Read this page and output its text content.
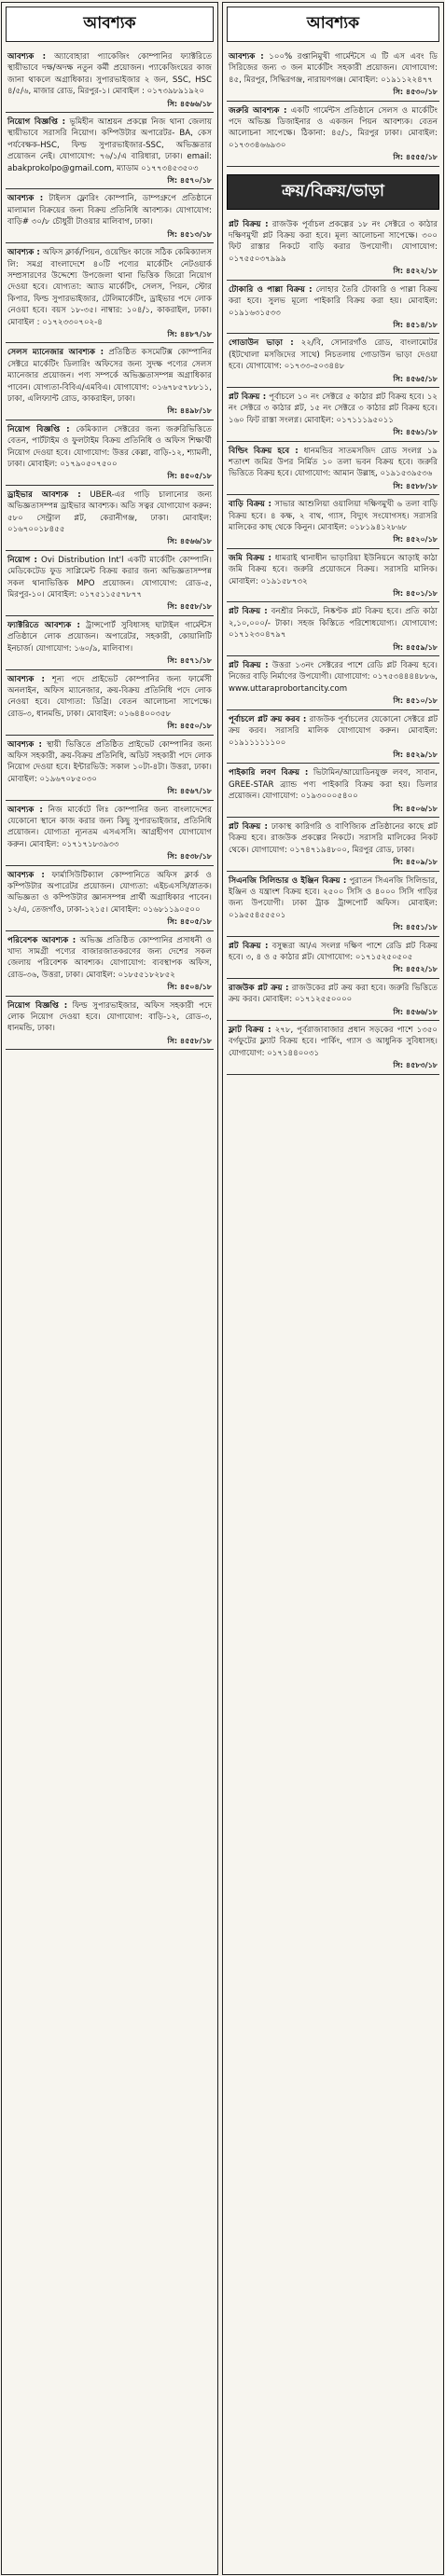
আবশ্যক
আবশ্যক : অ্যাবোহারা প্যাকেজিং কোম্পানির ফ্যাক্টরিতে স্থায়ীভাবে দক্ষ/অদক্ষ নতুন কর্মী প্রয়োজন। প্যাকেজিংয়ের কাজ জানা থাকলে অগ্রাধিকার। সুপারভাইজার ২ জন, SSC, HSC ৪/৫/৬, মাজার রোড, মিরপুর-১। মোবাইল : ০১৭৩৯৮৯১৯২০
সি: ৪৫৬৬/১৮
নিয়োগ বিজ্ঞপ্তি : ভূমিহীন আশ্রয়ন প্রকল্পে নিজ থানা জেলায় স্থায়ীভাবে সরাসরি নিয়োগ। কম্পিউটার অপারেটর- BA, কেস পর্যবেক্ষক-HSC, ফিল্ড সুপারভাইজার-SSC, অভিজ্ঞতার প্রয়োজন নেই। যোগাযোগ: ৭৬/১/এ বারিধারা, ঢাকা। email: abakprokolpo@gmail.com, ম্যাডাম ০১৭৭৩৪৫৩৫০৩
সি: ৪৫৭০/১৮
আবশ্যক : টাইলস ফ্লোরিং কোম্পানি, ডাম্পগ্রুপে প্রতিষ্ঠানে মালামাল বিক্রয়ের জন্য বিক্রয় প্রতিনিধি আবশ্যক। যোগাযোগ: বাড়ি# ৩০/৮ চৌধুরী টাওয়ার মালিবাগ, ঢাকা।
সি: ৪৫১৩/১৮
আবশ্যক : অফিস ক্লার্ক/পিয়ন, ওয়েল্ডিং কাজে সঠিক কেমিক্যালস লি: সমগ্র বাংলাদেশে ৪০টি পণ্যের মার্কেটিং নেটওয়ার্ক সম্প্রসারণের উদ্দেশ্যে উপজেলা থানা ভিত্তিক জিরো নিয়োগ দেওয়া হবে। যোগ্যতা: অ্যাড মার্কেটিং, সেলস, পিয়ন, স্টোর কিপার, ফিল্ড সুপারভাইজার, টেলিমার্কেটিং, ড্রাইভার পদে লোক নেওয়া হবে। বয়স ১৮-৩৫। নাম্বার: ১০৪/১, কাকরাইল, ঢাকা। মোবাইল : ০১৭২৩৩০৭০২-৪
সি: ৪৪৮৭/১৮
সেলস ম্যানেজার আবশ্যক : প্রতিষ্ঠিত কসমেটিক্স কোম্পানির সেক্টরে মার্কেটিং ডিলারিং অফিসের জন্য সুদক্ষ পণ্যের সেলস ম্যানেজার প্রয়োজন। পণ্য সম্পর্কে অভিজ্ঞতাসম্পন্ন অগ্রাধিকার পাবেন। যোগ্যতা-বিবিএ/এমবিএ। যোগাযোগ: ০১৬৭৮৫৭৮৮১১, ঢাকা, এলিফ্যান্ট রোড, কাকরাইল, ঢাকা।
সি: ৪৪৯৮/১৮
নিয়োগ বিজ্ঞপ্তি : কেমিক্যাল সেক্টরের জন্য জরুরিভিত্তিতে বেতন, পার্টটাইম ও ফুলটাইম বিক্রয় প্রতিনিধি ও অফিস শিক্ষার্থী নিয়োগ দেওয়া হবে। যোগাযোগ: উত্তর কেল্লা, বাড়ি-১২, শ্যামলী, ঢাকা। মোবাইল: ০১৭৯০৫০৭৫০০
সি: ৪৫০৫/১৮
ড্রাইভার আবশ্যক : UBER-এর গাড়ি চালানোর জন্য অভিজ্ঞতাসম্পন্ন ড্রাইভার আবশ্যক। অতি সত্বর যোগাযোগ করুন: ৫৮০ সেন্ট্রাল প্লট, কেরানীগঞ্জ, ঢাকা। মোবাইল: ০১৬৭০০১৮৪৫৫
সি: ৪৫৬৬/১৮
নিয়োগ : Ovi Distribution Int'l একটি মার্কেটিং কোম্পানি। মেডিকেটেড ফুড সাপ্লিমেন্ট বিক্রয় করার জন্য অভিজ্ঞতাসম্পন্ন সকল থানাভিত্তিক MPO প্রয়োজন। যোগাযোগ: রোড-৫, মিরপুর-১০। মোবাইল: ০১৭৫১১৫৫৭৮৭৭
সি: ৪৫৫৮/১৮
ফ্যাক্টরিতে আবশ্যক : ট্রান্সপোর্ট সুবিধাসহ ঘাটাইল গার্মেন্টস প্রতিষ্ঠানে লোক প্রয়োজন। অপারেটর, সহকারী, কোয়ালিটি ইনচার্জ। যোগাযোগ: ১৬০/৯, মালিবাগ।
সি: ৪৫৭১/১৮
আবশ্যক : শূন্য পদে প্রাইভেট কোম্পানির জন্য ফার্মেসী অনলাইন, অফিস ম্যানেজার, ক্রয়-বিক্রয় প্রতিনিধি পদে লোক নেওয়া হবে। যোগ্যতা: ডিগ্রি। বেতন আলোচনা সাপেক্ষে। রোড-৩, ধানমন্ডি, ঢাকা। মোবাইল: ০১৬৪৪০০৩৫৮
সি: ৪৫৫০/১৮
আবশ্যক : স্থায়ী ভিত্তিতে প্রতিষ্ঠিত প্রাইভেট কোম্পানির জন্য অফিস সহকারী, ক্রয়-বিক্রয় প্রতিনিধি, অডিট সহকারী পদে লোক নিয়োগ দেওয়া হবে। ইন্টারভিউ: সকাল ১০টা-৪টা। উত্তরা, ঢাকা। মোবাইল: ০১৯৬৭০৮৫০৩০
সি: ৪৫৬৭/১৮
আবশ্যক : নিজ মার্কেটে লিঃ কোম্পানির জন্য বাংলাদেশের যেকোনো স্থানে কাজ করার জন্য কিছু সুপারভাইজার, প্রতিনিধি প্রয়োজন। যোগ্যতা ন্যূনতম এসএসসি। আগ্রহীগণ যোগাযোগ করুন। মোবাইল: ০১৭১৭১৮৩৯৩৩
সি: ৪৫৩৮/১৮
আবশ্যক : ফার্মাসিউটিক্যাল কোম্পানিতে অফিস ক্লার্ক ও কম্পিউটার অপারেটর প্রয়োজন। যোগ্যতা: এইচএসসি/স্নাতক। অভিজ্ঞতা ও কম্পিউটার জ্ঞানসম্পন্ন প্রার্থী অগ্রাধিকার পাবেন। ১২/এ, তেজগাঁও, ঢাকা-১২১৫। মোবাইল: ০১৬৮১১৯০৫০০
সি: ৪৫০৫/১৮
পরিবেশক আবশ্যক : অভিজ্ঞ প্রতিষ্ঠিত কোম্পানির প্রসাধনী ও খাদ্য সামগ্রী পণ্যের বাজারজাতকরণের জন্য দেশের সকল জেলায় পরিবেশক আবশ্যক। যোগাযোগ: ব্যবস্থাপক অফিস, রোড-৩৬, উত্তরা, ঢাকা। মোবাইল: ০১৮৫৫১৮২৮৫২
সি: ৪৫০৪/১৮
নিয়োগ বিজ্ঞপ্তি : ফিল্ড সুপারভাইজার, অফিস সহকারী পদে লোক নিয়োগ দেওয়া হবে। যোগাযোগ: বাড়ি-১২, রোড-৩, ধানমন্ডি, ঢাকা।
সি: ৪৫৫৮/১৮
আবশ্যক
আবশ্যক : ১০০% রপ্তানিমুখী গার্মেন্টসে এ টি এস এবং ডি সিরিজের জন্য ৩ জন মার্কেটিং সহকারী প্রয়োজন। যোগাযোগ: ৪৫, মিরপুর, সিদ্ধিরগঞ্জ, নারায়ণগঞ্জ। মোবাইল: ০১৯১১২২৪৭৭
সি: ৪৫৩০/১৮
জরুরি আবশ্যক : একটি গার্মেন্টস প্রতিষ্ঠানে সেলস ও মার্কেটিং পদে অভিজ্ঞ ডিজাইনার ও একজন পিয়ন আবশ্যক। বেতন আলোচনা সাপেক্ষে। ঠিকানা: ৪৫/১, মিরপুর ঢাকা। মোবাইল: ০১৭৩৩৪৬৬৯৩০
সি: ৪৫৫৫/১৮
ক্রয়/বিক্রয়/ভাড়া
প্লট বিক্রয় : রাজউক পূর্বাচল প্রকল্পের ১৮ নং সেক্টরে ৩ কাঠার দক্ষিণমুখী প্লট বিক্রয় করা হবে। মূল্য আলোচনা সাপেক্ষে। ৩০০ ফিট রাস্তার নিকটে বাড়ি করার উপযোগী। যোগাযোগ: ০১৭৫৫০৩৭৯৯৯
সি: ৪৫২২/১৮
টোকারি ও পাল্লা বিক্রয় : লোহার তৈরি টোকারি ও পাল্লা বিক্রয় করা হবে। সুলভ মূল্যে পাইকারি বিক্রয় করা হয়। মোবাইল: ০১৯১৬৩১৫৩৩
সি: ৪৫১৪/১৮
গোডাউন ভাড়া : ২২/বি, সোনারগাঁও রোড, বাংলামোটর (ইটখোলা মসজিদের সাথে) নিচতলায় গোডাউন ভাড়া দেওয়া হবে। যোগাযোগ: ০১৭৩৩-৫০৩৪৪৮
সি: ৪৫৬৫/১৮
প্লট বিক্রয় : পূর্বাচলে ১০ নং সেক্টরে ৫ কাঠার প্লট বিক্রয় হবে। ১২ নং সেক্টরে ৩ কাঠার প্লট, ১৫ নং সেক্টরে ৩ কাঠার প্লট বিক্রয় হবে। ১৬০ ফিট রাস্তা সংলগ্ন। মোবাইল: ০১৭১১১৯৫০১১
সি: ৪৫৬১/১৮
বিল্ডিং বিক্রয় হবে : ধানমন্ডির সাতমসজিদ রোড সংলগ্ন ১৯ শতাংশ জমির উপর নির্মিত ১০ তলা ভবন বিক্রয় হবে। জরুরি ভিত্তিতে বিক্রয় হবে। যোগাযোগ: আমান উল্লাহ, ০১৯১৫৩৯৫৩৬
সি: ৪৫৮৮/১৮
বাড়ি বিক্রয় : সাভার আশুলিয়া ওয়ালিয়া দক্ষিণমুখী ৬ তলা বাড়ি বিক্রয় হবে। ৪ কক্ষ, ২ বাথ, গ্যাস, বিদ্যুৎ সংযোগসহ। সরাসরি মালিকের কাছ থেকে কিনুন। মোবাইল: ০১৮১৯৪১২৮৬৮
সি: ৪৫২০/১৮
জমি বিক্রয় : ধামরাই থানাধীন ভাড়ারিয়া ইউনিয়নে আড়াই কাঠা জমি বিক্রয় হবে। জরুরি প্রয়োজনে বিক্রয়। সরাসরি মালিক। মোবাইল: ০১৯১৫৮৭৩২
সি: ৪৫০১/১৮
প্লট বিক্রয় : বনশ্রীর নিকটে, নিষ্কণ্টক প্লট বিক্রয় হবে। প্রতি কাঠা ২,১০,০০০/- টাকা। সহজ কিস্তিতে পরিশোধযোগ্য। যোগাযোগ: ০১৭১২৩০৪৭৯৭
সি: ৪৫৫৯/১৮
প্লট বিক্রয় : উত্তরা ১৩নং সেক্টরের পাশে রেডি প্লট বিক্রয় হবে। নিজের বাড়ি নির্মাণের উপযোগী। যোগাযোগ: ০১৭৫৩৪৪৪৪৮৮৬, www.uttaraprobortancity.com
সি: ৪৫১০/১৮
পূর্বাচলে প্লট ক্রয় করব : রাজউক পূর্বাচলের যেকোনো সেক্টরে প্লট ক্রয় করব। সরাসরি মালিক যোগাযোগ করুন। মোবাইল: ০১৯১১১১১১০০
সি: ৪৫২৯/১৮
পাইকারি লবণ বিক্রয় : ভিটামিন/আয়োডিনযুক্ত লবণ, সাবান, GREE-STAR ব্র্যান্ড পণ্য পাইকারি বিক্রয় করা হয়। ডিলার প্রয়োজন। যোগাযোগ: ০১৯৩০০০৫৪০০
সি: ৪৫০৬/১৮
প্লট বিক্রয় : ঢাকাস্থ কারিগরি ও বাণিজ্যিক প্রতিষ্ঠানের কাছে প্লট বিক্রয় হবে। রাজউক প্রকল্পের নিকটে। সরাসরি মালিকের নিকট থেকে। যোগাযোগ: ০১৭৪৭১৯৪৮০০, মিরপুর রোড, ঢাকা।
সি: ৪৫০৯/১৮
সিএনজি সিলিন্ডার ও ইঞ্জিন বিক্রয় : পুরাতন সিএনজি সিলিন্ডার, ইঞ্জিন ও যন্ত্রাংশ বিক্রয় হবে। ২৫০০ সিসি ও ৪০০০ সিসি গাড়ির জন্য উপযোগী। ঢাকা ট্রাক ট্রান্সপোর্ট অফিস। মোবাইল: ০১৯৫৫৪৫৫৫০১
সি: ৪৫৫১/১৮
প্লট বিক্রয় : বসুন্ধরা আ/এ সংলগ্ন দক্ষিণ পাশে রেডি প্লট বিক্রয় হবে। ৩, ৪ ও ৫ কাঠার প্লট। যোগাযোগ: ০১৭১৫২৫০৫০৫
সি: ৪৫৫২/১৮
রাজউক প্লট ক্রয় : রাজউকের প্লট ক্রয় করা হবে। জরুরি ভিত্তিতে ক্রয় করব। মোবাইল: ০১৭১২৫৫০০০০
সি: ৪৫৬৬/১৮
ফ্লাট বিক্রয় : ২৭৮, পূর্বরাজাবাজার প্রধান সড়কের পাশে ১৩৫০ বর্গফুটের ফ্ল্যাট বিক্রয় হবে। পার্কিং, গ্যাস ও আধুনিক সুবিধাসহ। যোগাযোগ: ০১৭১৪৪০০৩১
সি: ৪৫৮৩/১৮
